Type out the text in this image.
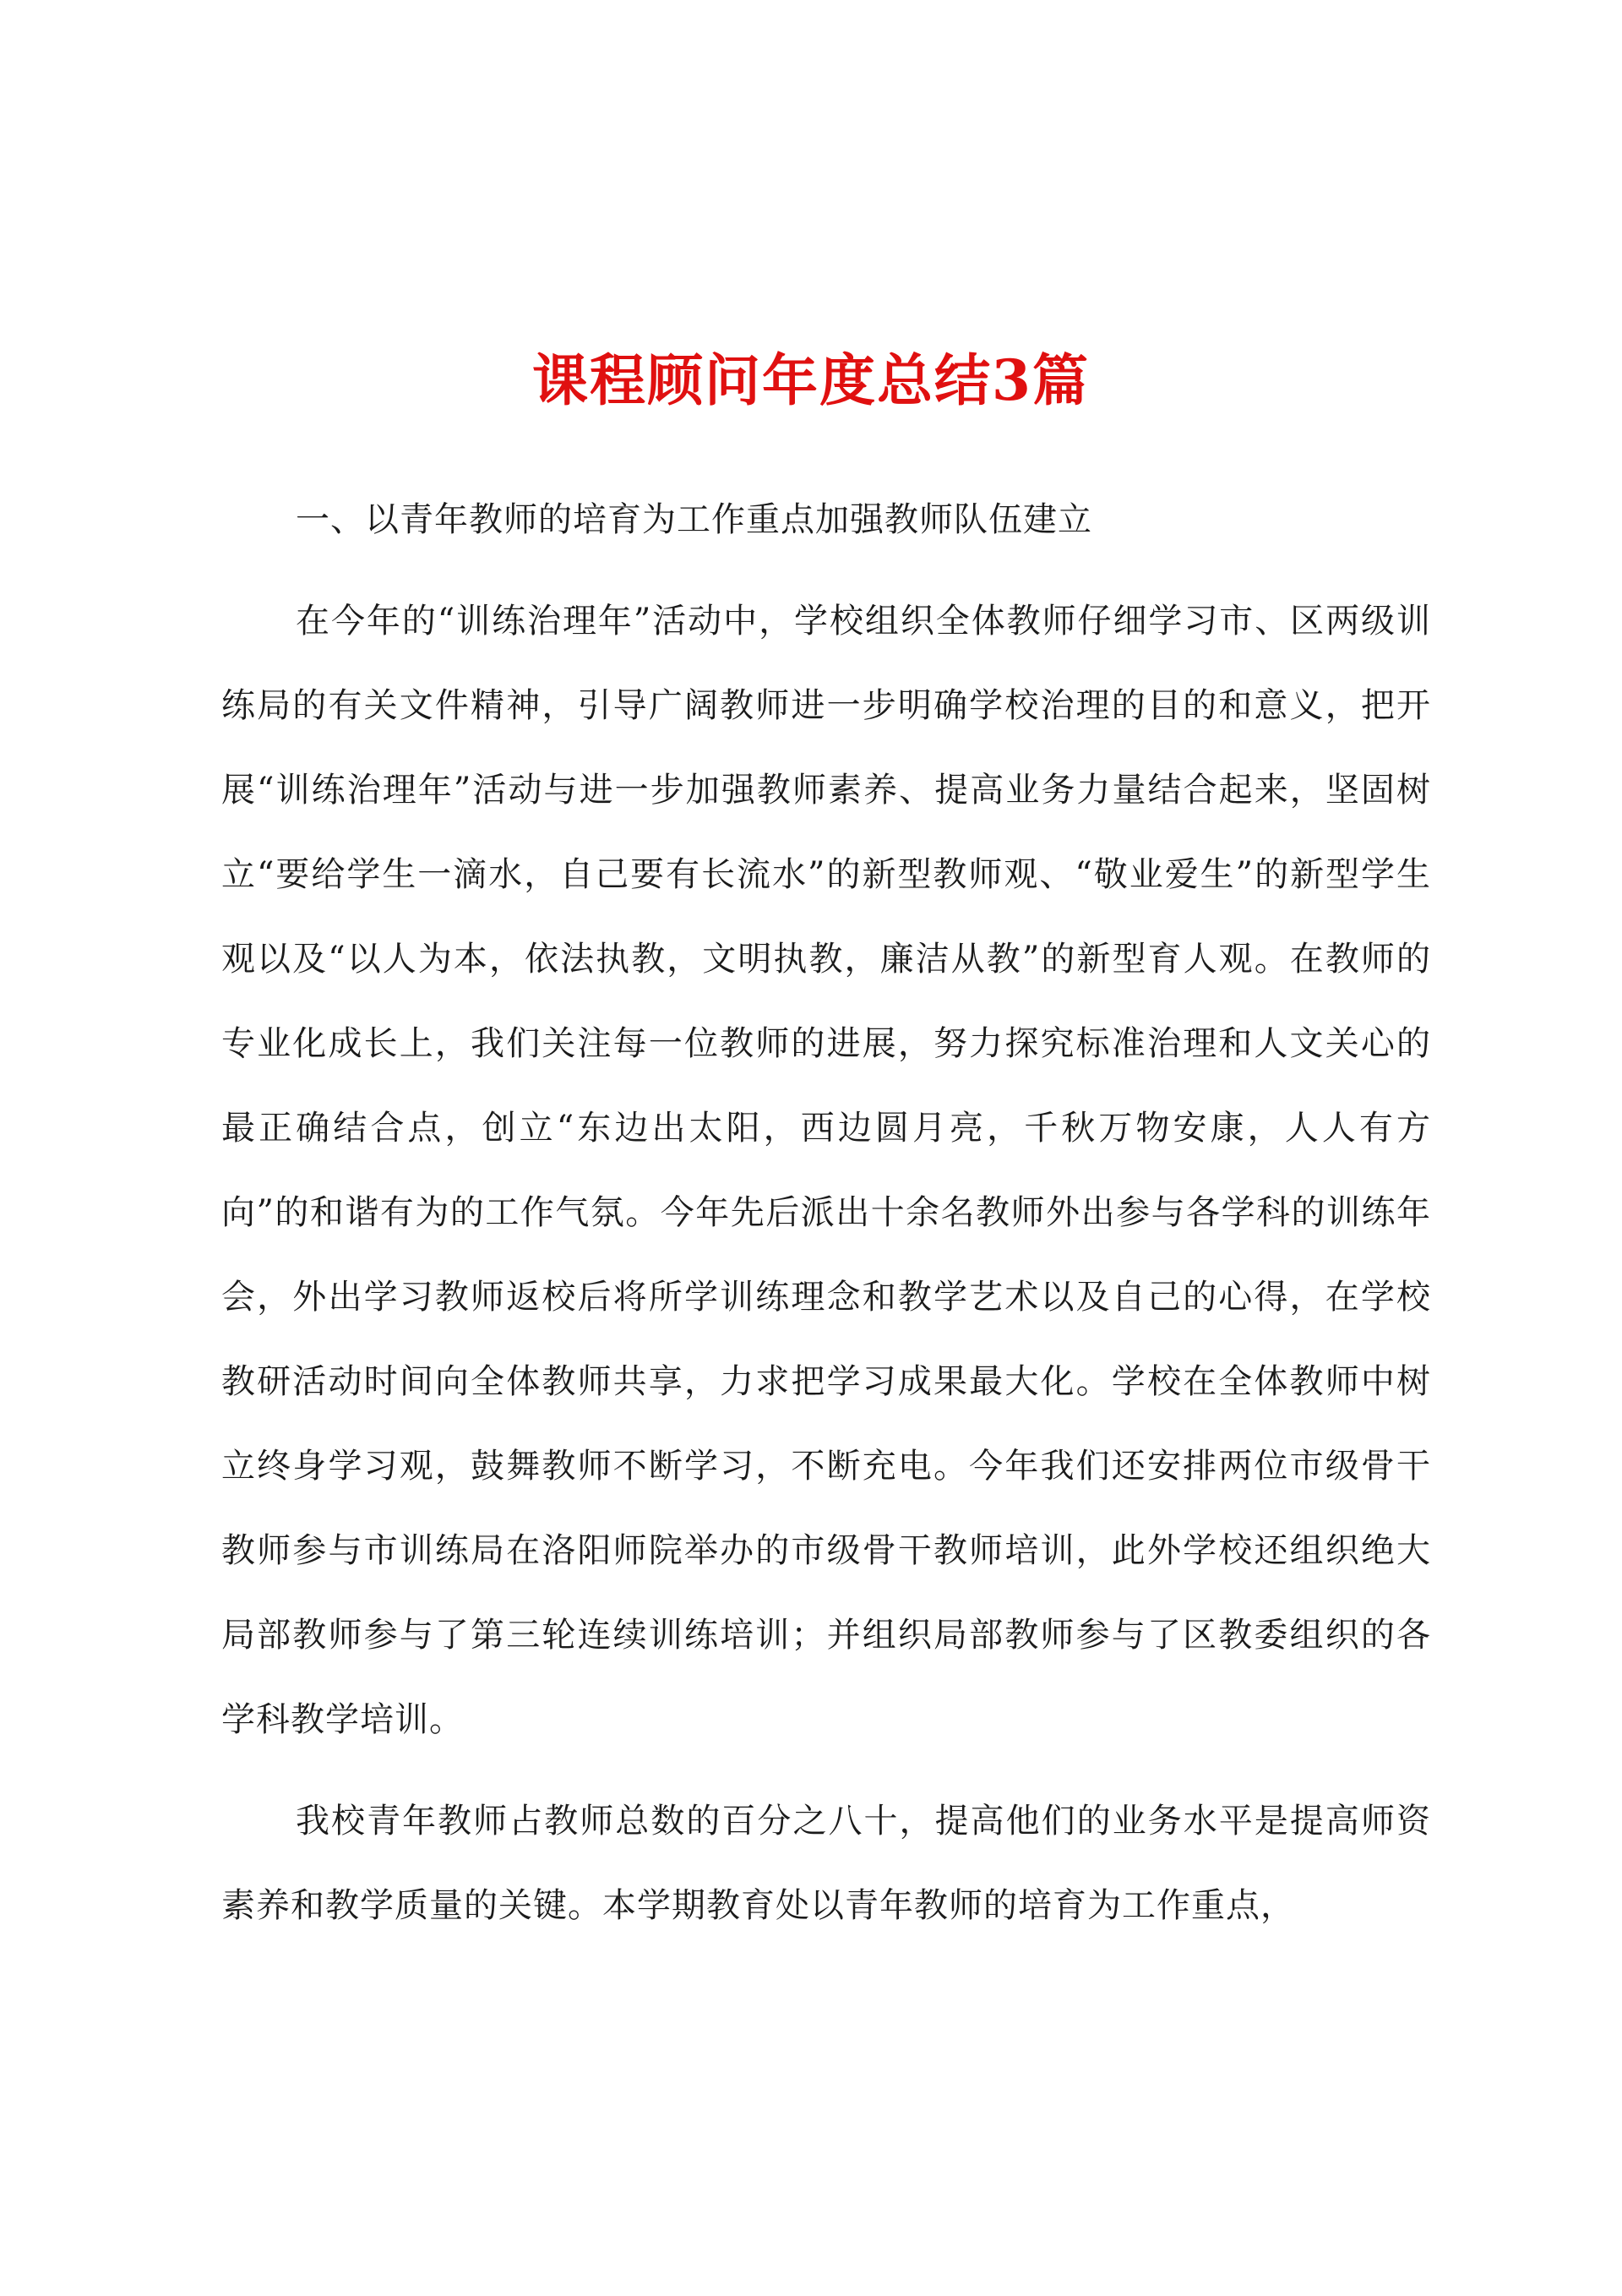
课程顾问年度总结3篇

一、以青年教师的培育为工作重点加强教师队伍建立

在今年的“训练治理年”活动中，学校组织全体教师仔细学习市、区两级训练局的有关文件精神，引导广阔教师进一步明确学校治理的目的和意义，把开展“训练治理年”活动与进一步加强教师素养、提高业务力量结合起来，坚固树立“要给学生一滴水，自己要有长流水”的新型教师观、“敬业爱生”的新型学生观以及“以人为本，依法执教，文明执教，廉洁从教”的新型育人观。在教师的专业化成长上，我们关注每一位教师的进展，努力探究标准治理和人文关心的最正确结合点，创立“东边出太阳，西边圆月亮，千秋万物安康，人人有方向”的和谐有为的工作气氛。今年先后派出十余名教师外出参与各学科的训练年会，外出学习教师返校后将所学训练理念和教学艺术以及自己的心得，在学校教研活动时间向全体教师共享，力求把学习成果最大化。学校在全体教师中树立终身学习观，鼓舞教师不断学习，不断充电。今年我们还安排两位市级骨干教师参与市训练局在洛阳师院举办的市级骨干教师培训，此外学校还组织绝大局部教师参与了第三轮连续训练培训；并组织局部教师参与了区教委组织的各学科教学培训。

我校青年教师占教师总数的百分之八十，提高他们的业务水平是提高师资素养和教学质量的关键。本学期教育处以青年教师的培育为工作重点，
